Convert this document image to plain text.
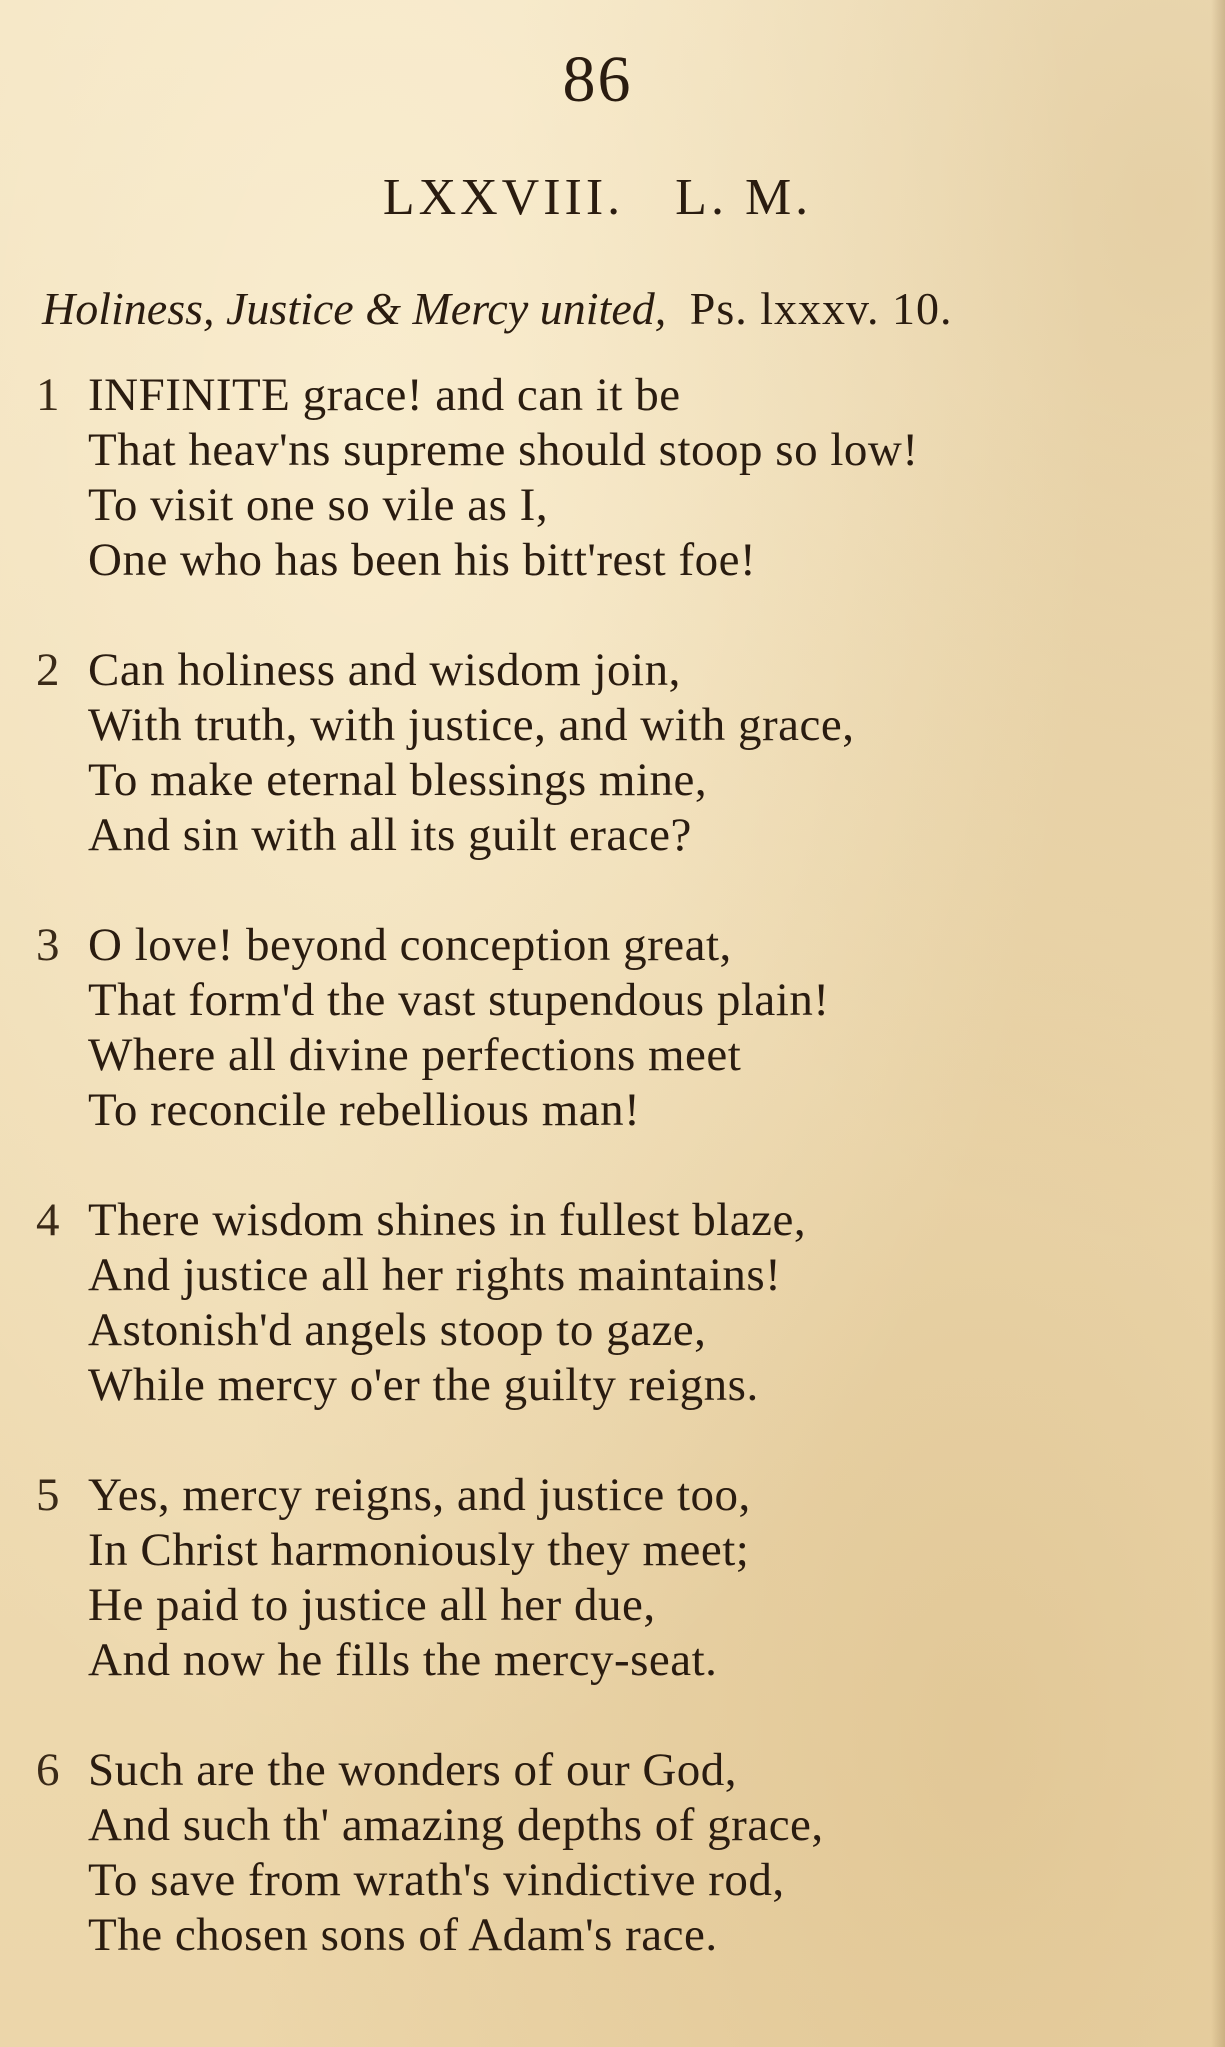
86
LXXVIII.   L. M.
Holiness, Justice & Mercy united, Ps. lxxxv. 10.
1 INFINITE grace! and can it be
That heav'ns supreme should stoop so low!
To visit one so vile as I,
One who has been his bitt'rest foe!
2 Can holiness and wisdom join,
With truth, with justice, and with grace,
To make eternal blessings mine,
And sin with all its guilt erace?
3 O love! beyond conception great,
That form'd the vast stupendous plain!
Where all divine perfections meet
To reconcile rebellious man!
4 There wisdom shines in fullest blaze,
And justice all her rights maintains!
Astonish'd angels stoop to gaze,
While mercy o'er the guilty reigns.
5 Yes, mercy reigns, and justice too,
In Christ harmoniously they meet;
He paid to justice all her due,
And now he fills the mercy-seat.
6 Such are the wonders of our God,
And such th' amazing depths of grace,
To save from wrath's vindictive rod,
The chosen sons of Adam's race.
